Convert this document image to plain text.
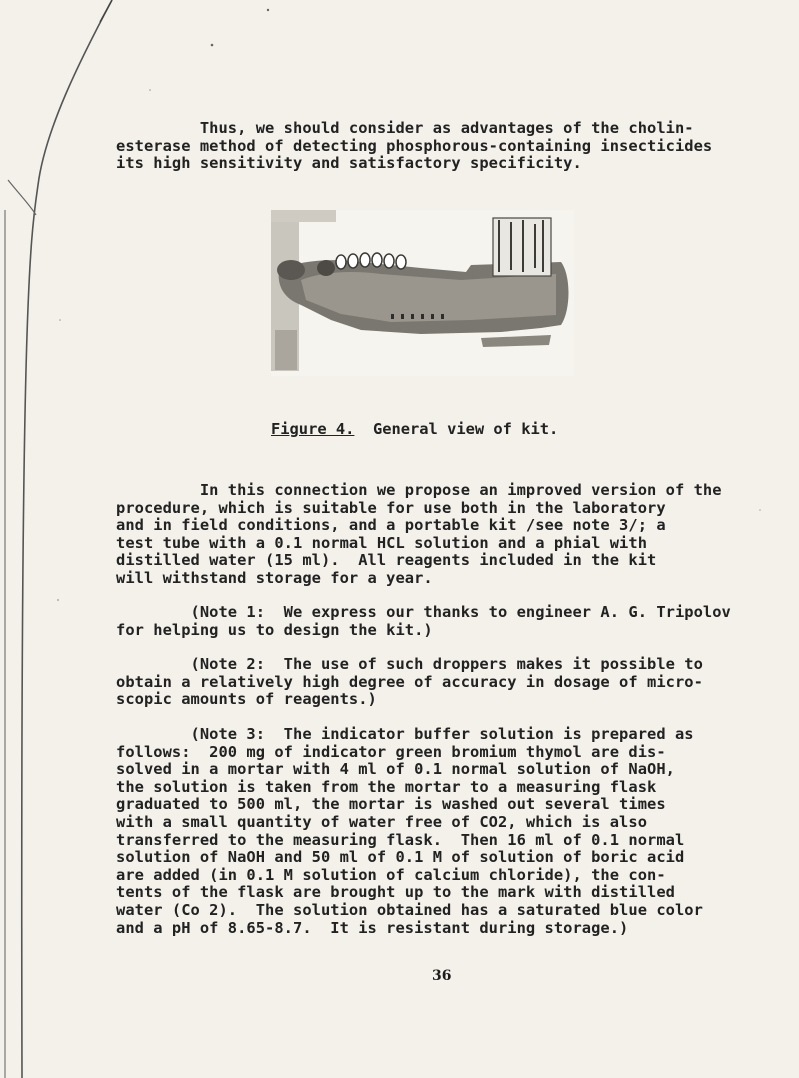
Thus, we should consider as advantages of the cholin-
esterase method of detecting phosphorous-containing insecticides
its high sensitivity and satisfactory specificity.
Figure 4.  General view of kit.
In this connection we propose an improved version of the
procedure, which is suitable for use both in the laboratory
and in field conditions, and a portable kit /see note 3/; a
test tube with a 0.1 normal HCL solution and a phial with
distilled water (15 ml).  All reagents included in the kit
will withstand storage for a year.
(Note 1:  We express our thanks to engineer A. G. Tripolov
for helping us to design the kit.)
(Note 2:  The use of such droppers makes it possible to
obtain a relatively high degree of accuracy in dosage of micro-
scopic amounts of reagents.)
(Note 3:  The indicator buffer solution is prepared as
follows:  200 mg of indicator green bromium thymol are dis-
solved in a mortar with 4 ml of 0.1 normal solution of NaOH,
the solution is taken from the mortar to a measuring flask
graduated to 500 ml, the mortar is washed out several times
with a small quantity of water free of CO2, which is also
transferred to the measuring flask.  Then 16 ml of 0.1 normal
solution of NaOH and 50 ml of 0.1 M of solution of boric acid
are added (in 0.1 M solution of calcium chloride), the con-
tents of the flask are brought up to the mark with distilled
water (Co 2).  The solution obtained has a saturated blue color
and a pH of 8.65-8.7.  It is resistant during storage.)
36
